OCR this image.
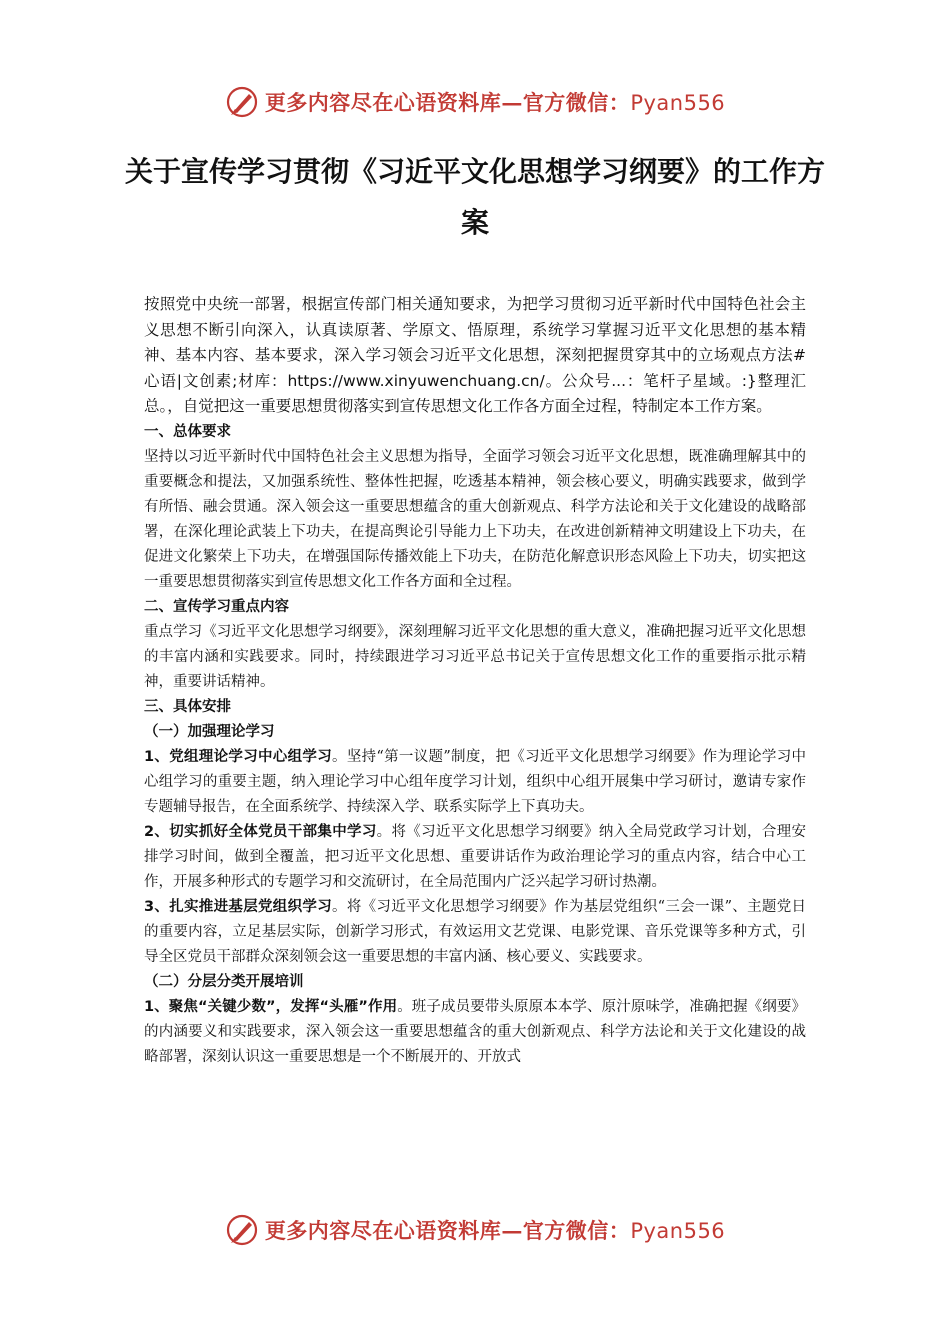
更多内容尽在心语资料库—官方微信：Pyan556
关于宣传学习贯彻《习近平文化思想学习纲要》的工作方案

按照党中央统一部署，根据宣传部门相关通知要求，为把学习贯彻习近平新时代中国特色社会主义思想不断引向深入，认真读原著、学原文、悟原理，系统学习掌握习近平文化思想的基本精神、基本内容、基本要求，深入学习领会习近平文化思想，深刻把握贯穿其中的立场观点方法#心语|文创素;材库：https://www.xinyuwenchuang.cn/。公众号...：笔杆子星域。:}整理汇总。，自觉把这一重要思想贯彻落实到宣传思想文化工作各方面全过程，特制定本工作方案。

一、总体要求

坚持以习近平新时代中国特色社会主义思想为指导，全面学习领会习近平文化思想，既准确理解其中的重要概念和提法，又加强系统性、整体性把握，吃透基本精神，领会核心要义，明确实践要求，做到学有所悟、融会贯通。深入领会这一重要思想蕴含的重大创新观点、科学方法论和关于文化建设的战略部署，在深化理论武装上下功夫，在提高舆论引导能力上下功夫，在改进创新精神文明建设上下功夫，在促进文化繁荣上下功夫，在增强国际传播效能上下功夫，在防范化解意识形态风险上下功夫，切实把这一重要思想贯彻落实到宣传思想文化工作各方面和全过程。

二、宣传学习重点内容

重点学习《习近平文化思想学习纲要》，深刻理解习近平文化思想的重大意义，准确把握习近平文化思想的丰富内涵和实践要求。同时，持续跟进学习习近平总书记关于宣传思想文化工作的重要指示批示精神，重要讲话精神。

三、具体安排

（一）加强理论学习

1、党组理论学习中心组学习。坚持“第一议题”制度，把《习近平文化思想学习纲要》作为理论学习中心组学习的重要主题，纳入理论学习中心组年度学习计划，组织中心组开展集中学习研讨，邀请专家作专题辅导报告，在全面系统学、持续深入学、联系实际学上下真功夫。

2、切实抓好全体党员干部集中学习。将《习近平文化思想学习纲要》纳入全局党政学习计划，合理安排学习时间，做到全覆盖，把习近平文化思想、重要讲话作为政治理论学习的重点内容，结合中心工作，开展多种形式的专题学习和交流研讨，在全局范围内广泛兴起学习研讨热潮。

3、扎实推进基层党组织学习。将《习近平文化思想学习纲要》作为基层党组织“三会一课”、主题党日的重要内容，立足基层实际，创新学习形式，有效运用文艺党课、电影党课、音乐党课等多种方式，引导全区党员干部群众深刻领会这一重要思想的丰富内涵、核心要义、实践要求。

（二）分层分类开展培训

1、聚焦“关键少数”，发挥“头雁”作用。班子成员要带头原原本本学、原汁原味学，准确把握《纲要》的内涵要义和实践要求，深入领会这一重要思想蕴含的重大创新观点、科学方法论和关于文化建设的战略部署，深刻认识这一重要思想是一个不断展开的、开放式

更多内容尽在心语资料库—官方微信：Pyan556
